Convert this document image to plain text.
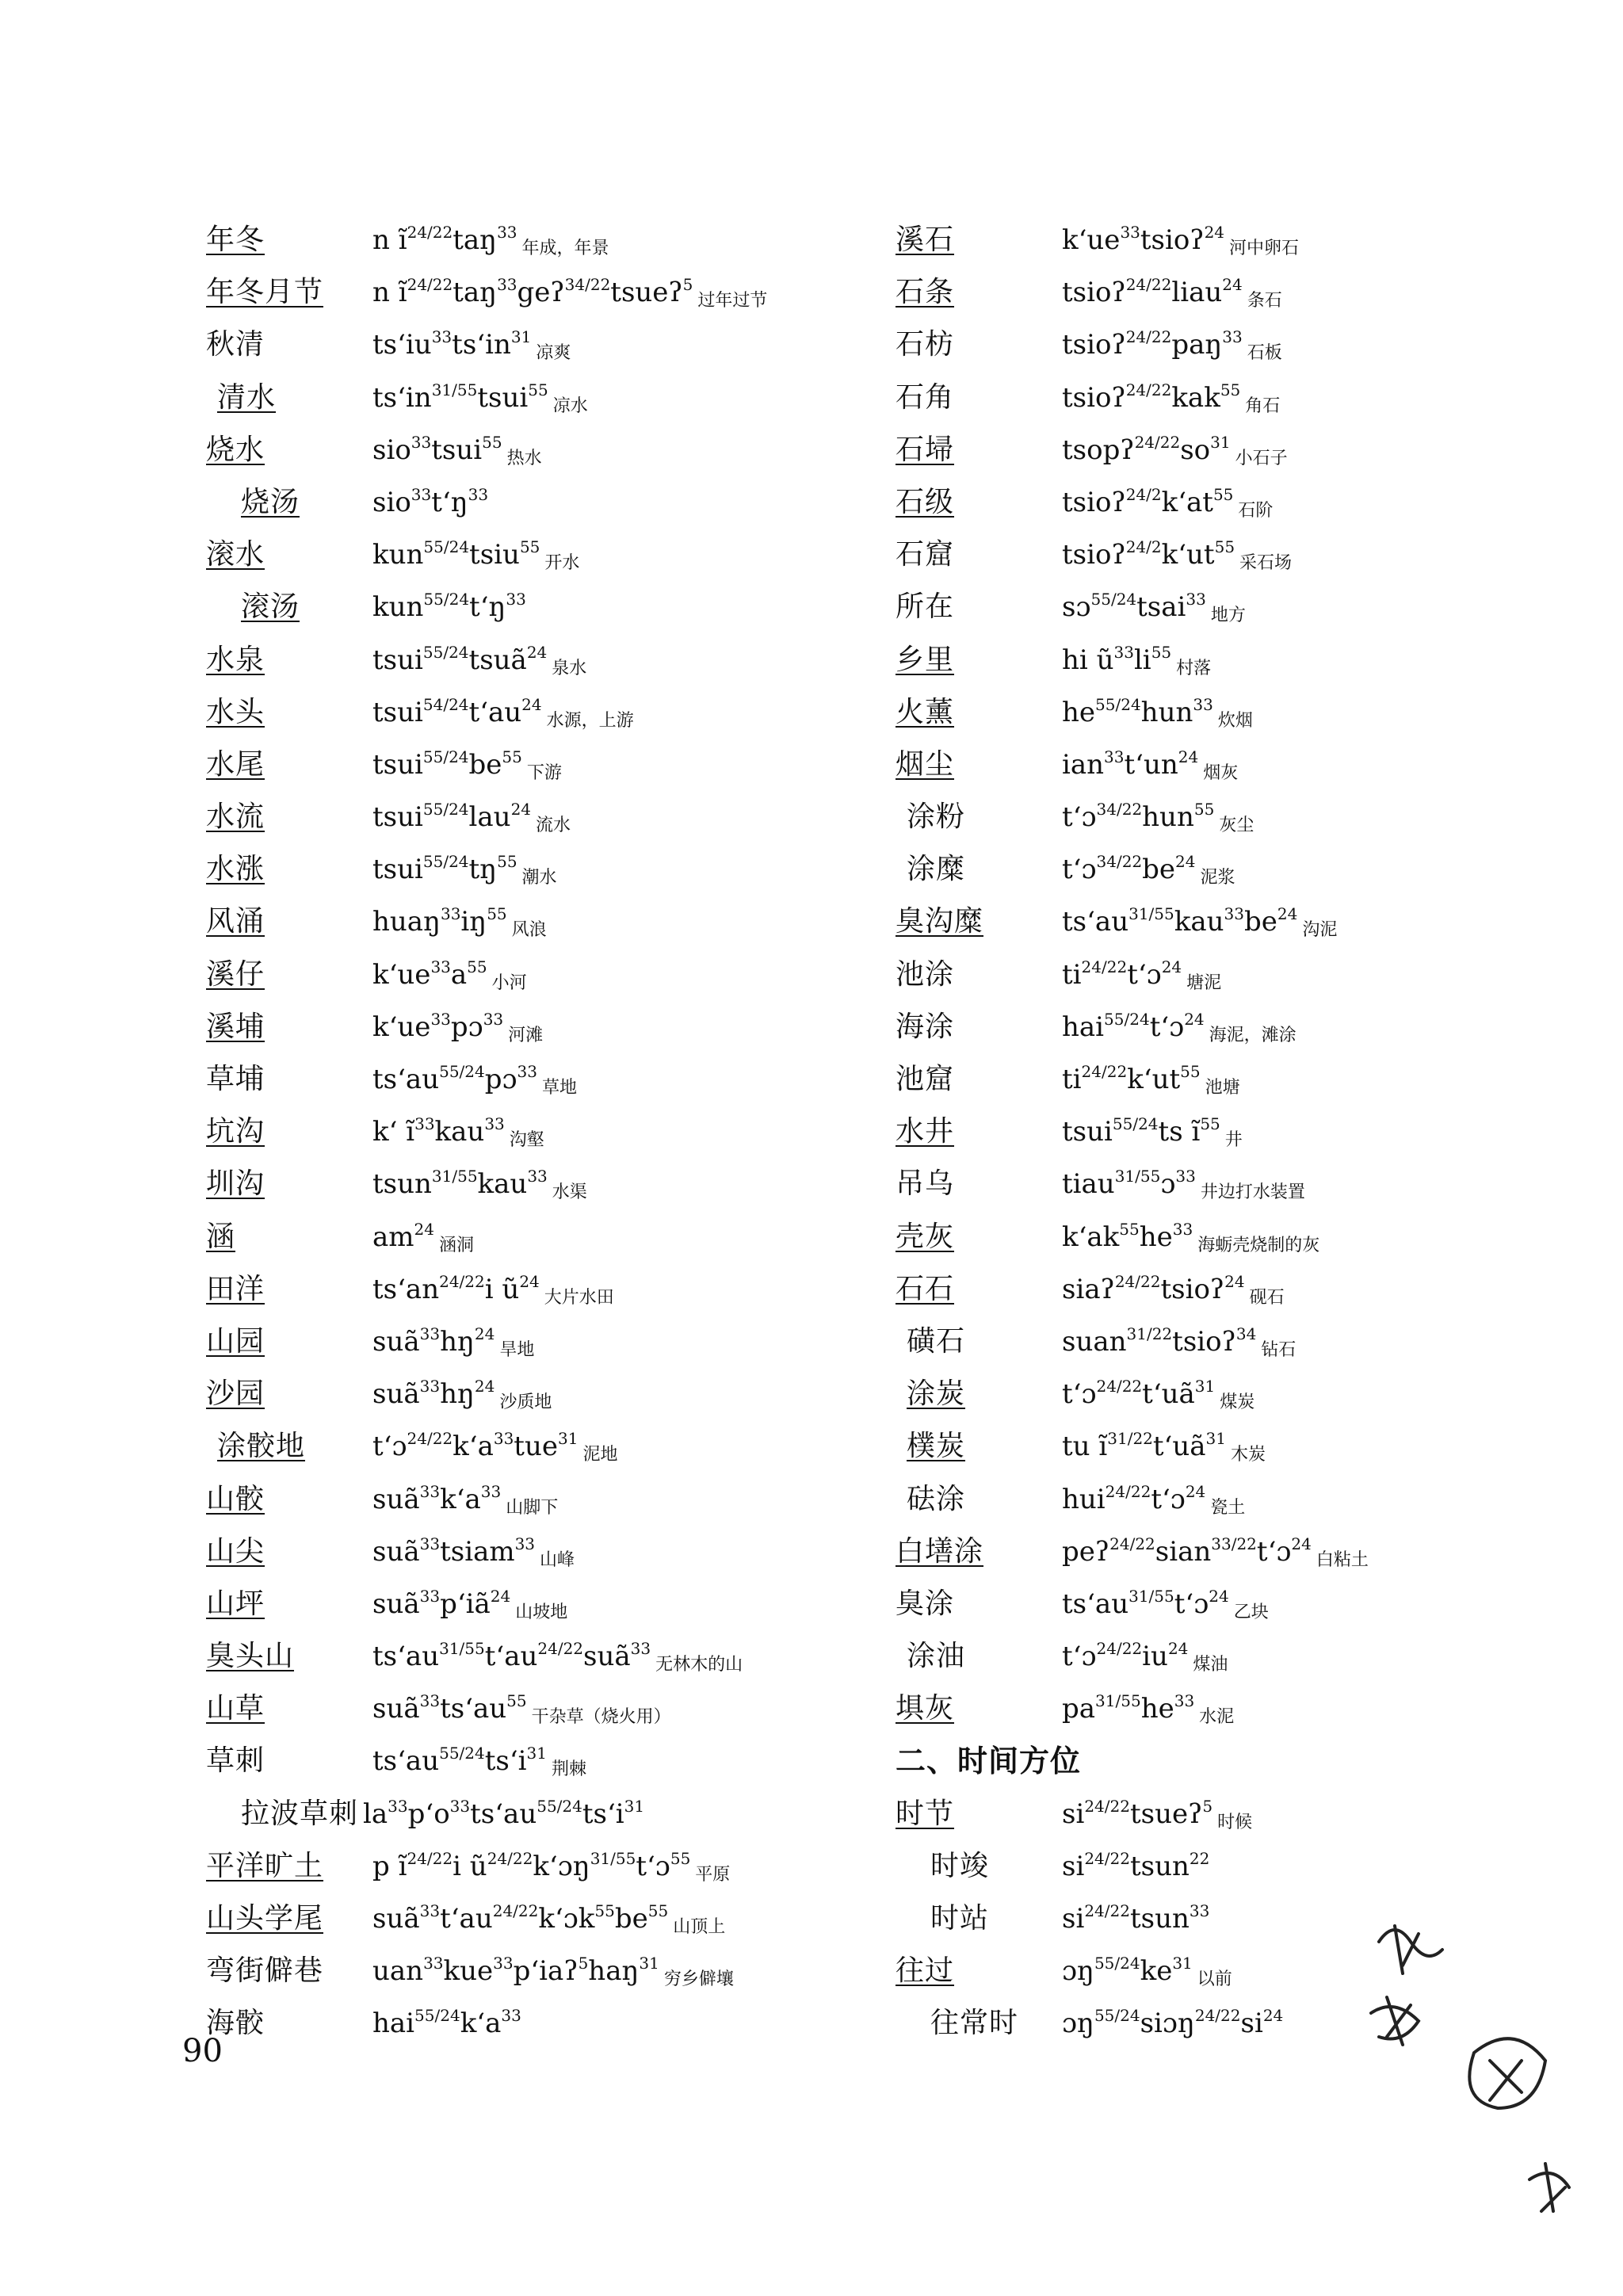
年冬	n $ĩ^{24/22}taŋ^{33}$年成，年景
年冬月节 n $ĩ^{24/22}taŋ^{33}geʔ^{34/22}tsueʔ^5$过年过节
秋清	tsʻiu$^{33}$tsʻin$^{31}$凉爽
清水	tsʻin$^{31/55}$tsui$^{55}$凉水
烧水	sio$^{33}$tsui$^{55}$热水
烧汤	sio$^{33}$tʻŋ$^{33}$
滚水	kun$^{55/24}$tsiu$^{55}$开水
滚汤	kun$^{55/24}$tʻŋ$^{33}$
水泉	tsui$^{55/24}$tsuã$^{24}$泉水
水头	tsui$^{54/24}$tʻau$^{24}$水源，上游
水尾	$tsui^{55/24}be^{55}$下游
水流	tsui$^{55/24}$lau$^{24}$流水
水涨	$tsui^{55/24}tŋ^{55}$潮水
风涌	$huaŋ^{33}iŋ^{55}$风浪
溪仔	$kʻue^{33}a^{55}$小河
溪埔	kʻue$^{33}$pɔ$^{33}$河滩
草埔	tsʻau$^{55/24}$pɔ$^{33}$草地
坑沟	kʻ $ĩ^{33}kau^{33}$沟壑
圳沟	tsun$^{31/55}$kau$^{33}$水渠
涵	$am^{24}$涵洞
田洋	tsʻan$^{24/22}$i $ũ^{24}$大片水田
山园	$suã^{33}hŋ^{24}$旱地
沙园	$suã^{33}hŋ^{24}$沙质地
涂骹地 tʻɔ$^{24/22}$kʻa$^{33}$tue$^{31}$泥地
山骹	suã$^{33}$kʻa$^{33}$山脚下
山尖	suã$^{33}$tsiam$^{33}$山峰
山坪	suã$^{33}$pʻiã$^{24}$山坡地
臭头山	tsʻau$^{31/55}$tʻau$^{24/22}$suã$^{33}$无林木的山
山草	suã$^{33}$tsʻau$^{55}$干杂草（烧火用）
草刺	tsʻau$^{55/24}$tsʻi$^{31}$荆棘
拉波草刺 $la^{33}pʻo^{33}tsʻau^{55/24}tsʻi^{31}$
平洋旷土 p $ĩ^{24/22}i$ $ũ^{24/22}kʻɔŋ^{31/55}tʻɔ^{55}$平原
山头学尾 $suã^{33}tʻau^{24/22}kʻɔk^{55}be^{55}$山顶上
弯街僻巷 uan$^{33}$kue$^{33}$pʻiaʔ$^5$haŋ$^{31}$穷乡僻壤
海骹	hai$^{55/24}$kʻa$^{33}$
溪石	kʻue$^{33}$tsioʔ$^{24}$河中卵石
石条	tsioʔ$^{24/22}$liau$^{24}$条石
石枋	tsioʔ$^{24/22}$paŋ$^{33}$石板
石角	tsioʔ$^{24/22}$kak$^{55}$角石
石埽	$tsopʔ^{24/22}so^{31}$小石子
石级	tsioʔ$^{24/2}$kʻat$^{55}$石阶
石窟	tsioʔ$^{24/2}$kʻut$^{55}$采石场
所在	sɔ$^{55/24}$tsai$^{33}$地方
乡里	hi $ũ^{33}li^{55}$村落
火薰	$he^{55/24}hun^{33}$炊烟
烟尘	ian$^{33}$tʻun$^{24}$烟灰
涂粉	tʻɔ$^{34/22}$hun$^{55}$灰尘
涂糜	$tʻɔ^{34/22}be^{24}$泥浆
臭沟糜	$tsʻau^{31/55}kau^{33}be^{24}$沟泥
池涂	$ti^{24/22}tʻɔ^{24}$塘泥
海涂	hai$^{55/24}$tʻɔ$^{24}$海泥，滩涂
池窟	$ti^{24/22}kʻut^{55}$池塘
水井	tsui$^{55/24}$ts $ĩ^{55}$井
吊乌	tiau$^{31/55}$ɔ$^{33}$井边打水装置
壳灰	$kʻak^{55}he^{33}$海蛎壳烧制的灰
石石	siaʔ$^{24/22}$tsioʔ$^{24}$砚石
磺石	suan$^{31/22}$tsioʔ$^{34}$钻石
涂炭	tʻɔ$^{24/22}$tʻuã$^{31}$煤炭
樸炭	tu $ĩ^{31/22}tʻuã^{31}$木炭
砝涂	hui$^{24/22}$tʻɔ$^{24}$瓷土
白墡涂	peʔ$^{24/22}$sian$^{33/22}$tʻɔ$^{24}$白粘土
臭涂	tsʻau$^{31/55}$tʻɔ$^{24}$乙块
涂油	$tʻɔ^{24/22}iu^{24}$煤油
埧灰	$pa^{31/55}he^{33}$水泥
二、时间方位
时节	$si^{24/22}tsueʔ^5$时候
时竣	$si^{24/22}tsun^{22}$
时站	$si^{24/22}tsun^{33}$
往过	$ɔŋ^{55/24}ke^{31}$以前
往常时 $ɔŋ^{55/24}siɔŋ^{24/22}si^{24}$
90
